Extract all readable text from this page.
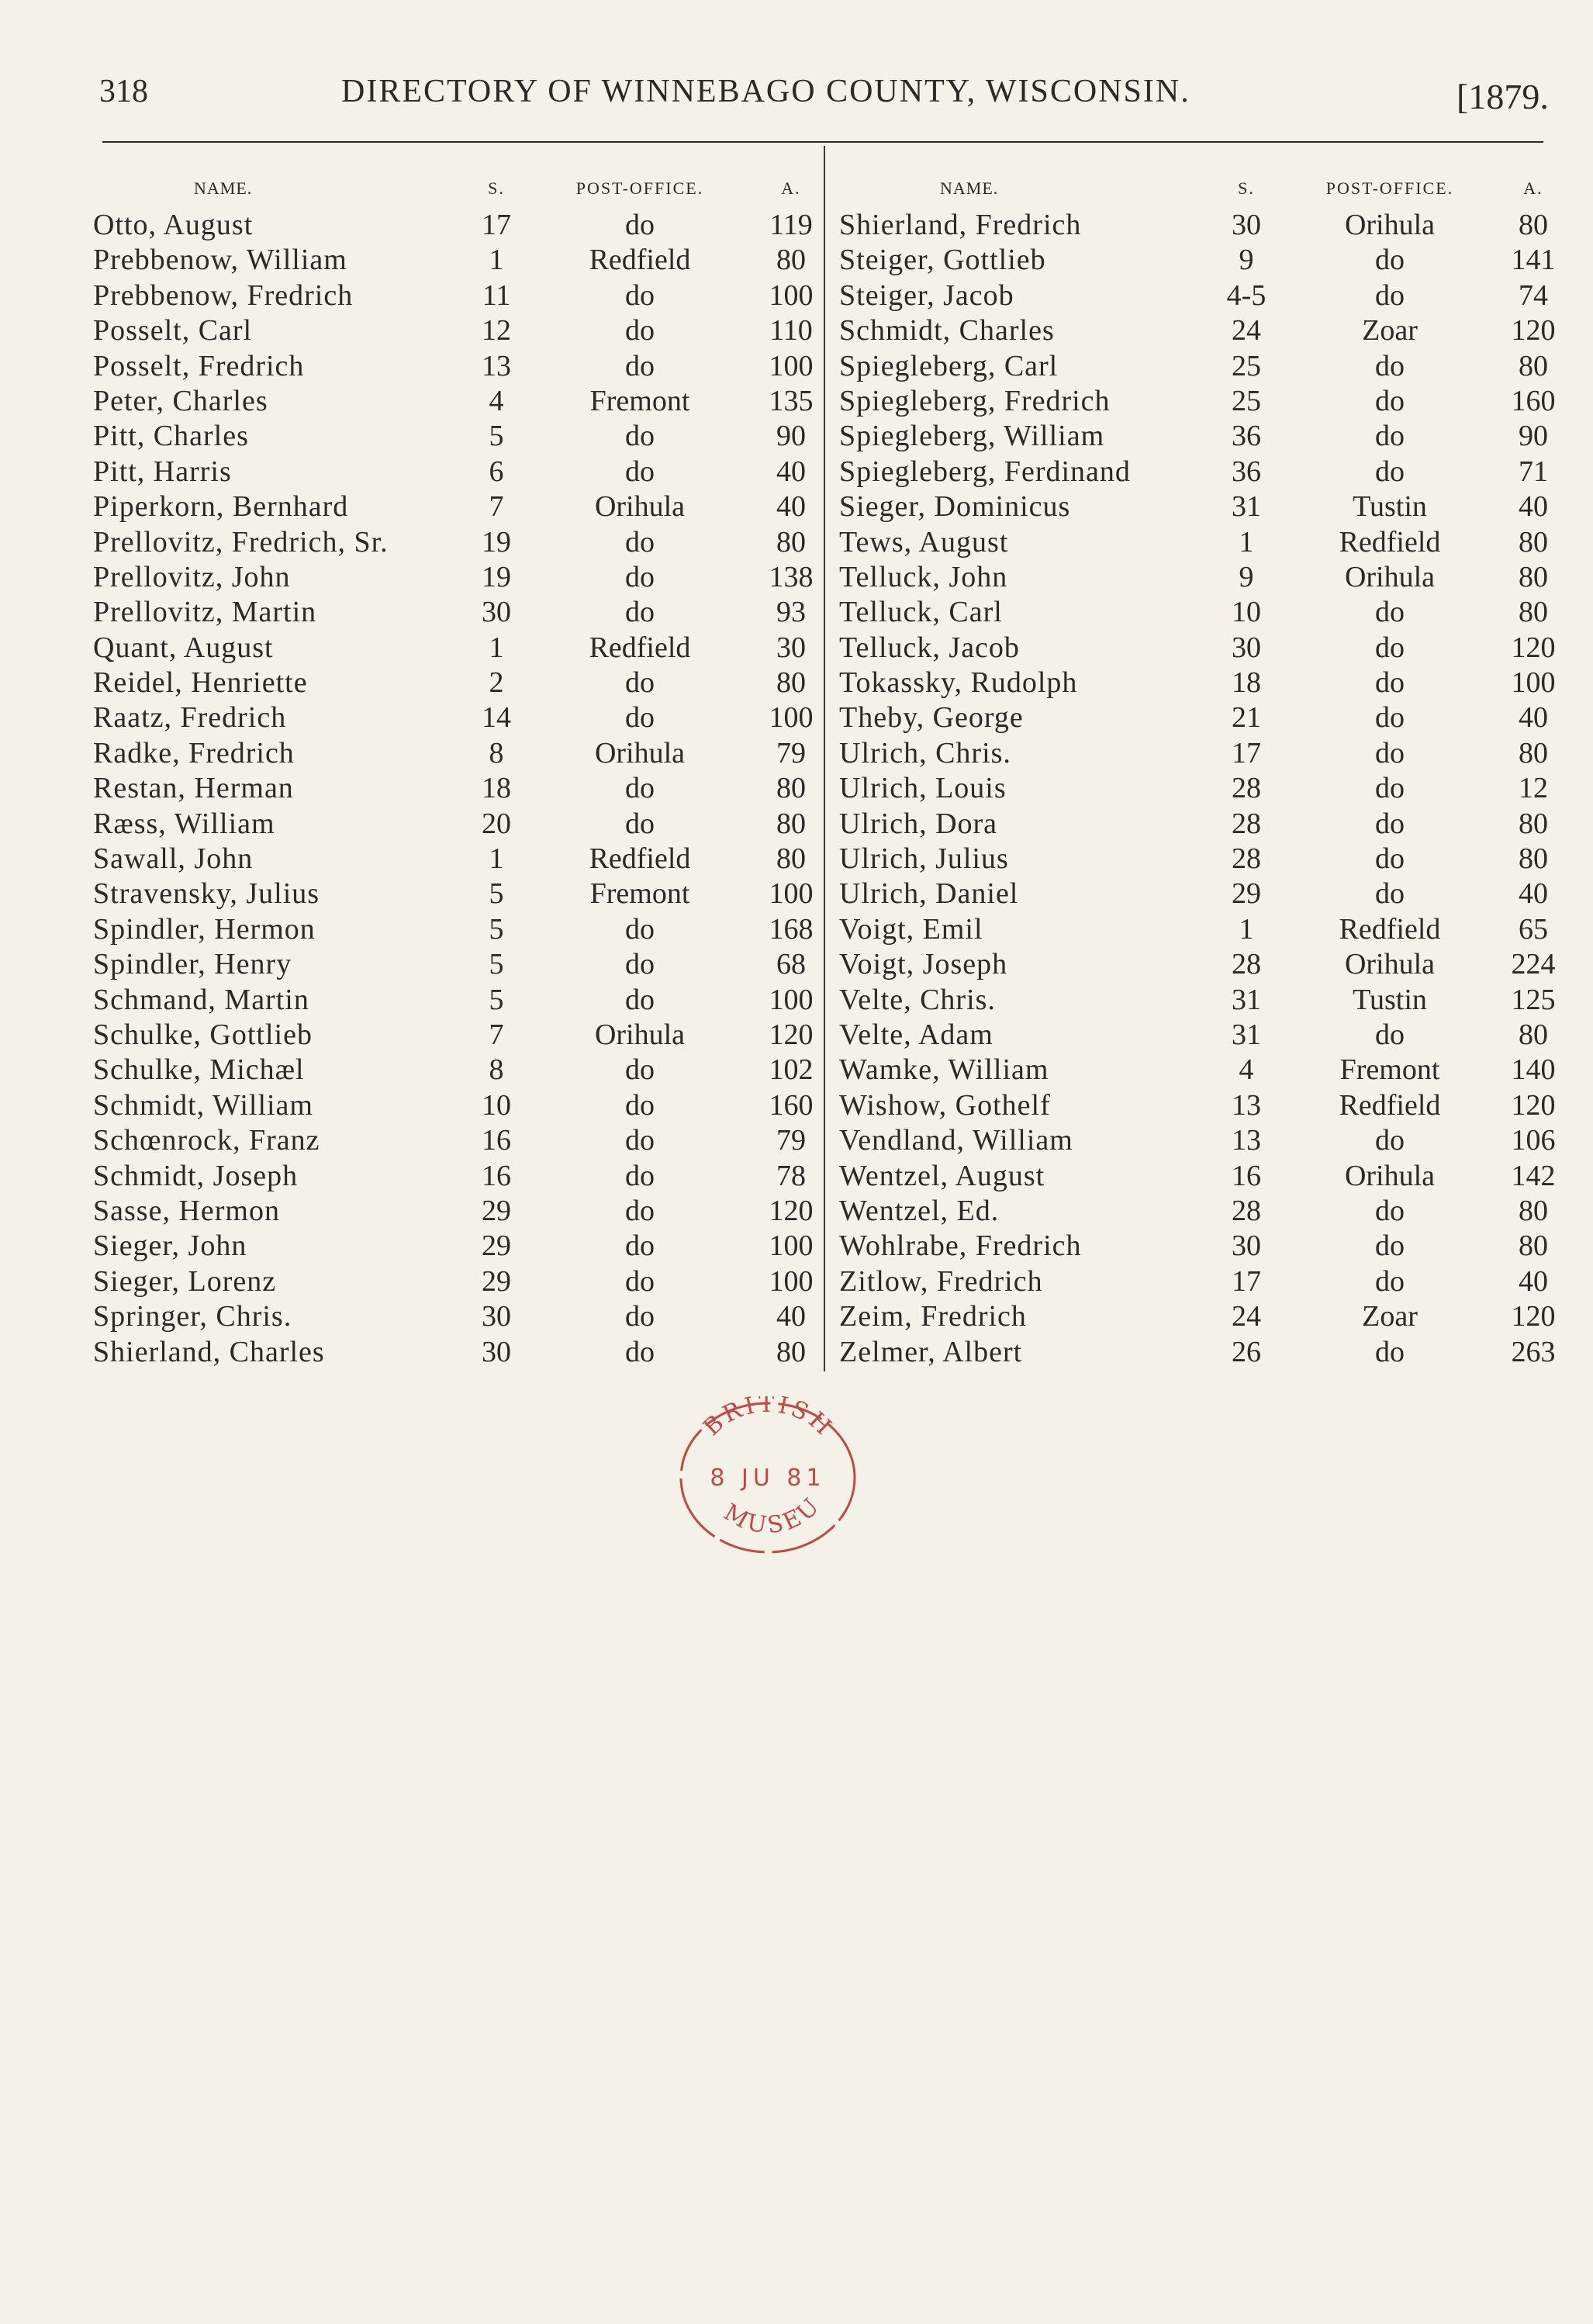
318	DIRECTORY OF WINNEBAGO COUNTY, WISCONSIN.	[1879.
NAME.	S.	POST-OFFICE.	A.
Otto, August	17	do	119
Prebbenow, William	1	Redfield	80
Prebbenow, Fredrich	11	do	100
Posselt, Carl	12	do	110
Posselt, Fredrich	13	do	100
Peter, Charles	4	Fremont	135
Pitt, Charles	5	do	90
Pitt, Harris	6	do	40
Piperkorn, Bernhard	7	Orihula	40
Prellovitz, Fredrich, Sr.	19	do	80
Prellovitz, John	19	do	138
Prellovitz, Martin	30	do	93
Quant, August	1	Redfield	30
Reidel, Henriette	2	do	80
Raatz, Fredrich	14	do	100
Radke, Fredrich	8	Orihula	79
Restan, Herman	18	do	80
Ræss, William	20	do	80
Sawall, John	1	Redfield	80
Stravensky, Julius	5	Fremont	100
Spindler, Hermon	5	do	168
Spindler, Henry	5	do	68
Schmand, Martin	5	do	100
Schulke, Gottlieb	7	Orihula	120
Schulke, Michæl	8	do	102
Schmidt, William	10	do	160
Schœnrock, Franz	16	do	79
Schmidt, Joseph	16	do	78
Sasse, Hermon	29	do	120
Sieger, John	29	do	100
Sieger, Lorenz	29	do	100
Springer, Chris.	30	do	40
Shierland, Charles	30	do	80
NAME.	S.	POST-OFFICE.	A.
Shierland, Fredrich	30	Orihula	80
Steiger, Gottlieb	9	do	141
Steiger, Jacob	4-5	do	74
Schmidt, Charles	24	Zoar	120
Spiegleberg, Carl	25	do	80
Spiegleberg, Fredrich	25	do	160
Spiegleberg, William	36	do	90
Spiegleberg, Ferdinand	36	do	71
Sieger, Dominicus	31	Tustin	40
Tews, August	1	Redfield	80
Telluck, John	9	Orihula	80
Telluck, Carl	10	do	80
Telluck, Jacob	30	do	120
Tokassky, Rudolph	18	do	100
Theby, George	21	do	40
Ulrich, Chris.	17	do	80
Ulrich, Louis	28	do	12
Ulrich, Dora	28	do	80
Ulrich, Julius	28	do	80
Ulrich, Daniel	29	do	40
Voigt, Emil	1	Redfield	65
Voigt, Joseph	28	Orihula	224
Velte, Chris.	31	Tustin	125
Velte, Adam	31	do	80
Wamke, William	4	Fremont	140
Wishow, Gothelf	13	Redfield	120
Vendland, William	13	do	106
Wentzel, August	16	Orihula	142
Wentzel, Ed.	28	do	80
Wohlrabe, Fredrich	30	do	80
Zitlow, Fredrich	17	do	40
Zeim, Fredrich	24	Zoar	120
Zelmer, Albert	26	do	263
BRITISH
MUSEU
8 JU 81
